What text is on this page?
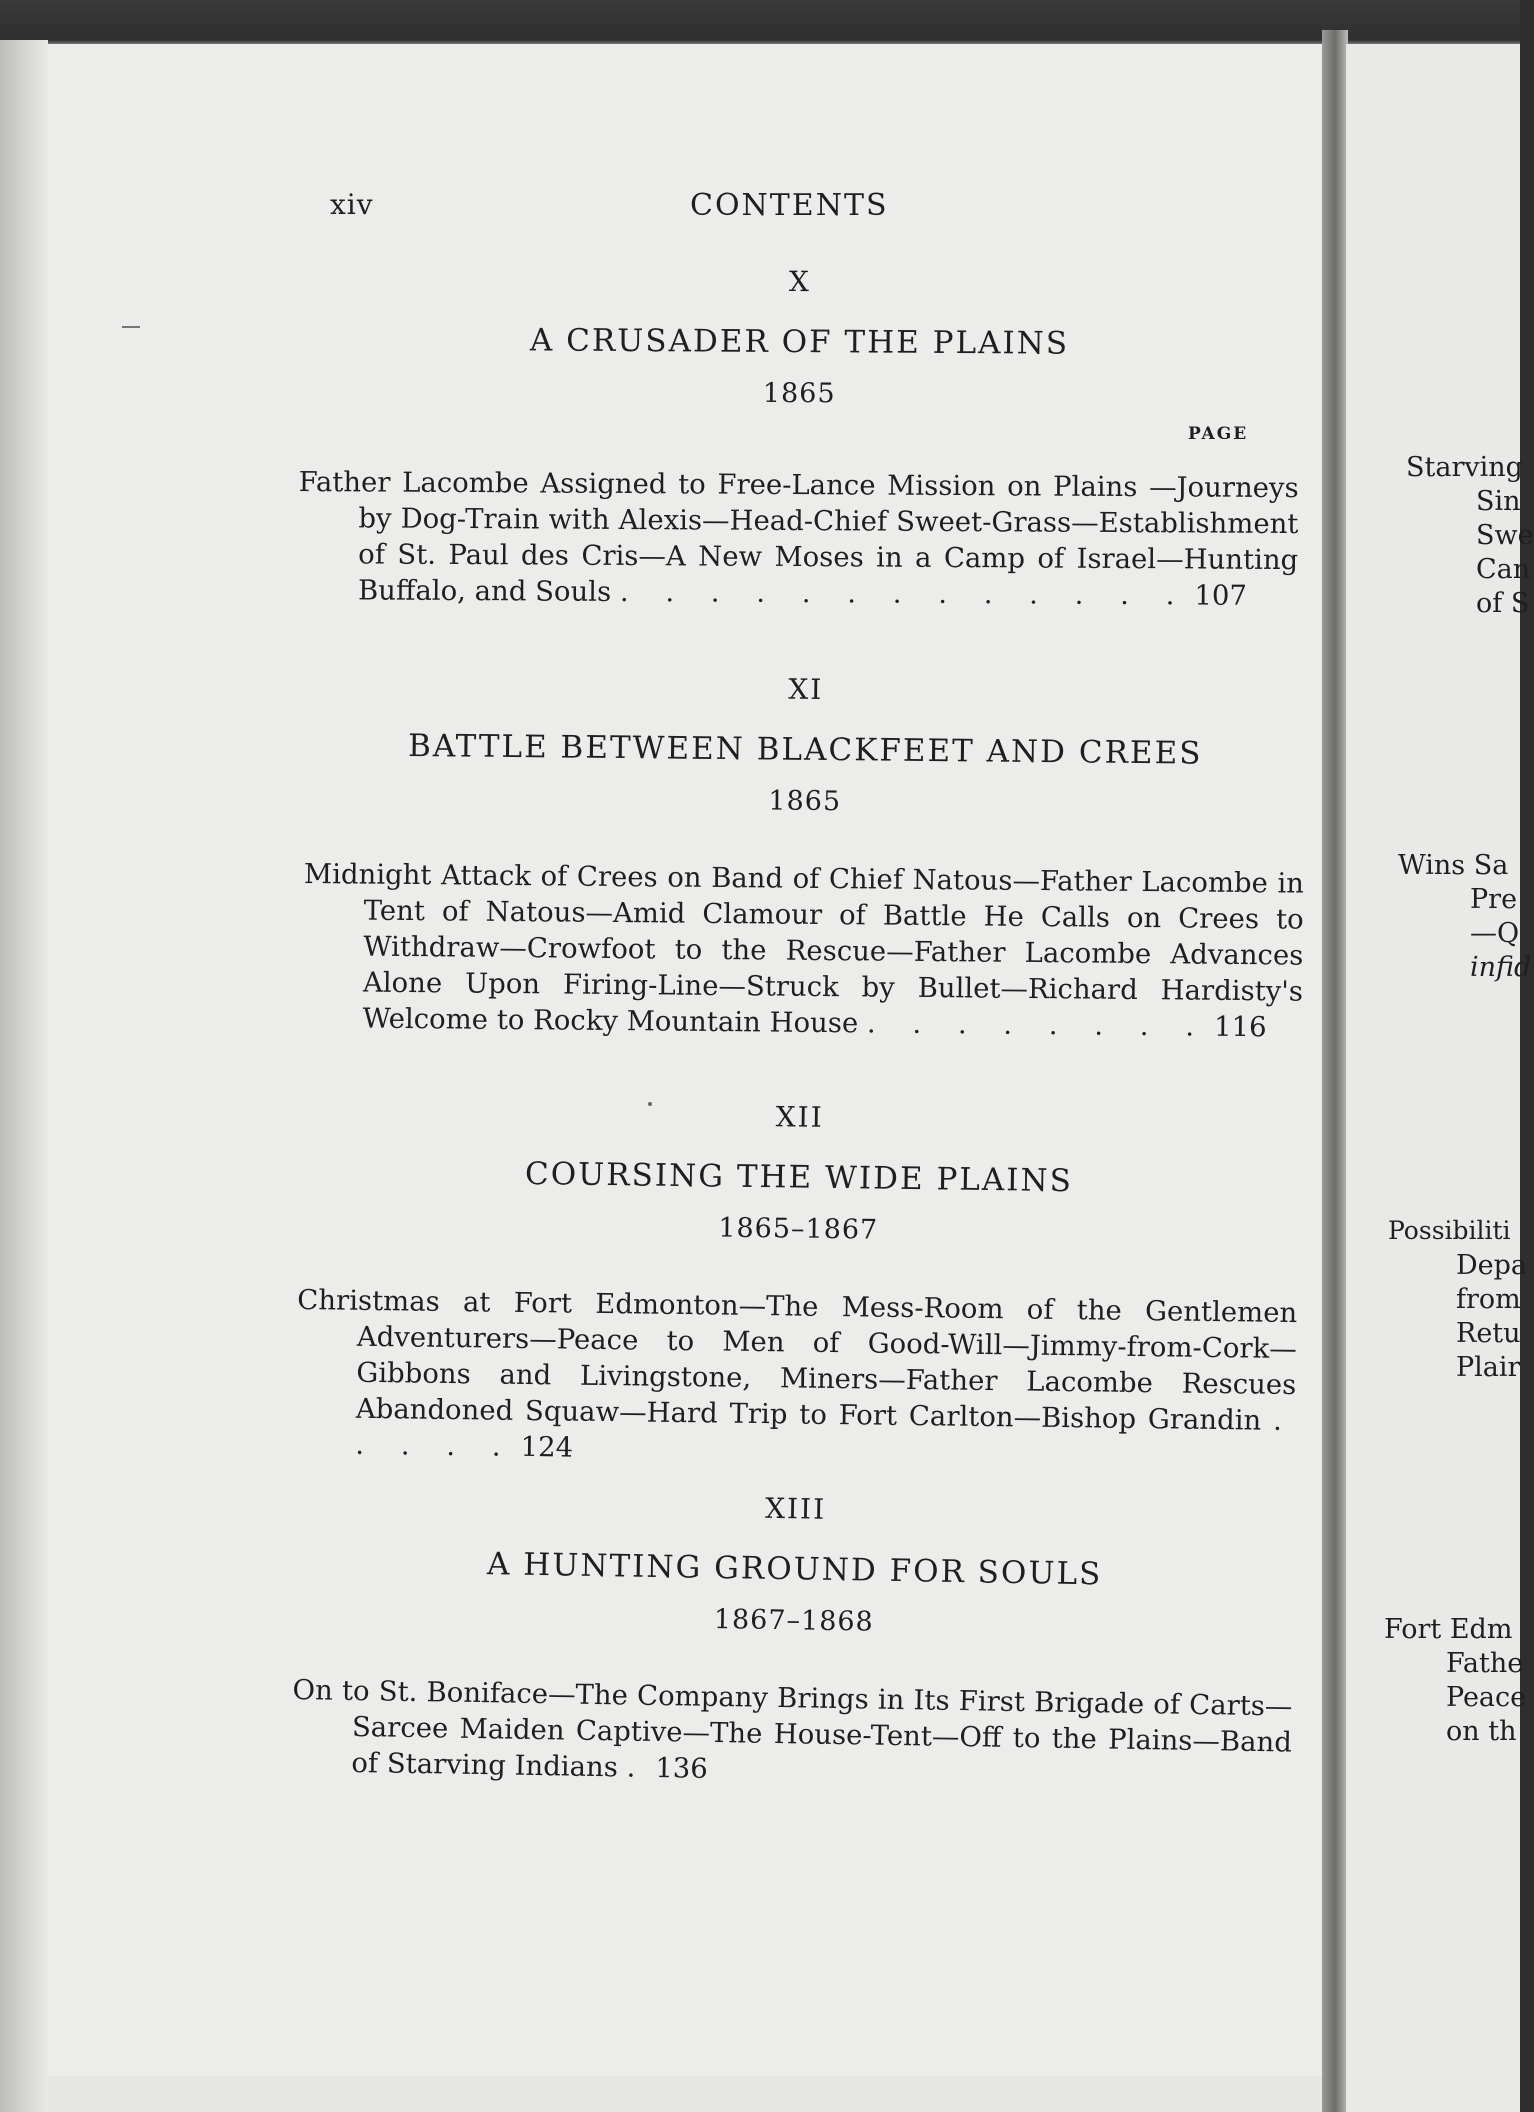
xiv	CONTENTS
PAGE
X
A CRUSADER OF THE PLAINS
1865
Father Lacombe Assigned to Free-Lance Mission on Plains —Journeys by Dog-Train with Alexis—Head-Chief Sweet-Grass—Establishment of St. Paul des Cris—A New Moses in a Camp of Israel—Hunting Buffalo, and Souls . . . . . . . . . . . . . 107
XI
BATTLE BETWEEN BLACKFEET AND CREES
1865
Midnight Attack of Crees on Band of Chief Natous—Father Lacombe in Tent of Natous—Amid Clamour of Battle He Calls on Crees to Withdraw—Crowfoot to the Rescue—Father Lacombe Advances Alone Upon Firing-Line—Struck by Bullet—Richard Hardisty's Welcome to Rocky Mountain House . . . . . . . . 116
XII
COURSING THE WIDE PLAINS
1865–1867
Christmas at Fort Edmonton—The Mess-Room of the Gentlemen Adventurers—Peace to Men of Good-Will—Jimmy-from-Cork—Gibbons and Livingstone, Miners—Father Lacombe Rescues Abandoned Squaw—Hard Trip to Fort Carlton—Bishop Grandin . . . . . 124
XIII
A HUNTING GROUND FOR SOULS
1867–1868
On to St. Boniface—The Company Brings in Its First Brigade of Carts—Sarcee Maiden Captive—The House-Tent—Off to the Plains—Band of Starving Indians . 136
Starving
Sin
Swe
Can
of S
Wins Sa
Pre
—Q
infid
Possibiliti
Depa
from
Retu
Plair
Fort Edm
Fathe
Peace
on th
